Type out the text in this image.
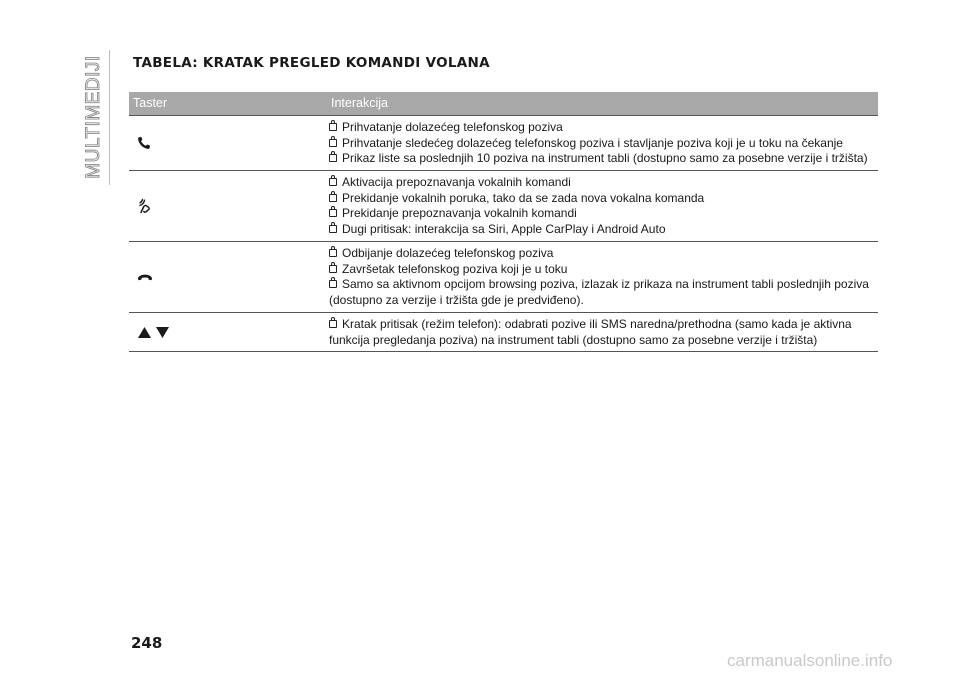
MULTIMEDIJI TABELA: KRATAK PREGLED KOMANDI VOLANA
Taster	Interakcija
Prihvatanje dolazećeg telefonskog poziva
Prihvatanje sledećeg dolazećeg telefonskog poziva i stavljanje poziva koji je u toku na čekanje
Prikaz liste sa poslednjih 10 poziva na instrument tabli (dostupno samo za posebne verzije i tržišta)
Aktivacija prepoznavanja vokalnih komandi
Prekidanje vokalnih poruka, tako da se zada nova vokalna komanda
Prekidanje prepoznavanja vokalnih komandi
Dugi pritisak: interakcija sa Siri, Apple CarPlay i Android Auto
Odbijanje dolazećeg telefonskog poziva
Završetak telefonskog poziva koji je u toku
Samo sa aktivnom opcijom browsing poziva, izlazak iz prikaza na instrument tabli poslednjih poziva
(dostupno za verzije i tržišta gde je predviđeno).
Kratak pritisak (režim telefon): odabrati pozive ili SMS naredna/prethodna (samo kada je aktivna
funkcija pregledanja poziva) na instrument tabli (dostupno samo za posebne verzije i tržišta)
248
carmanualsonline.info
